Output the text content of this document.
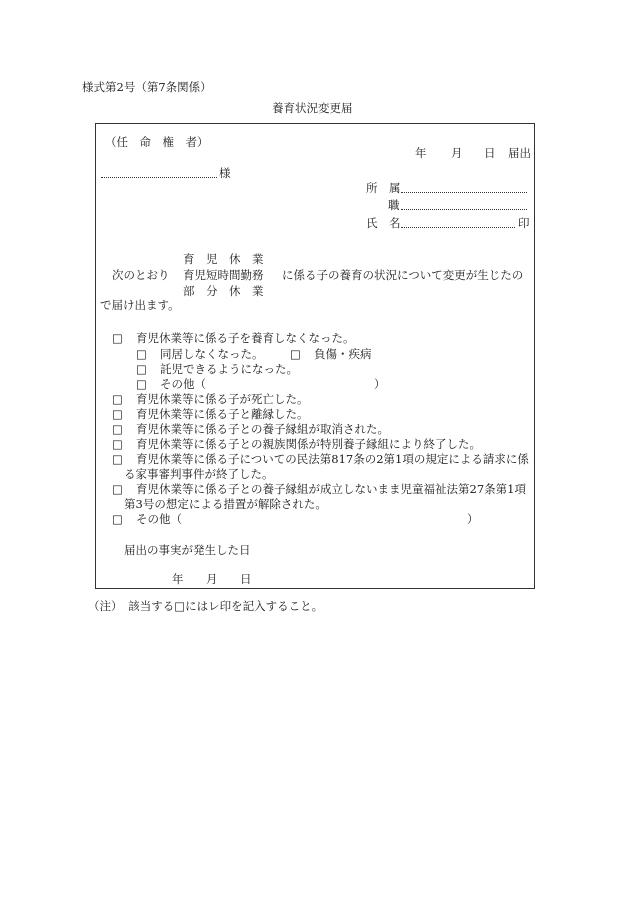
様式第2号（第7条関係）
養育状況変更届
（任　命　権　者）
年 月 日 届出
様
所　属
職
氏　名	印
育　児　休　業
次のとおり 育児短時間勤務 に係る子の養育の状況について変更が生じたの
部　分　休　業
で届け出ます。
□ 育児休業等に係る子を養育しなくなった。
□ 同居しなくなった。 □ 負傷・疾病
□ 託児できるようになった。
□ その他（	）
□ 育児休業等に係る子が死亡した。
□ 育児休業等に係る子と離縁した。
□ 育児休業等に係る子との養子縁組が取消された。
□ 育児休業等に係る子との親族関係が特別養子縁組により終了した。
□ 育児休業等に係る子についての民法第817条の2第1項の規定による請求に係
る家事審判事件が終了した。
□ 育児休業等に係る子との養子縁組が成立しないまま児童福祉法第27条第1項
第3号の想定による措置が解除された。
□ その他（	）
届出の事実が発生した日
年 月 日
（注）　該当する□にはレ印を記入すること。
